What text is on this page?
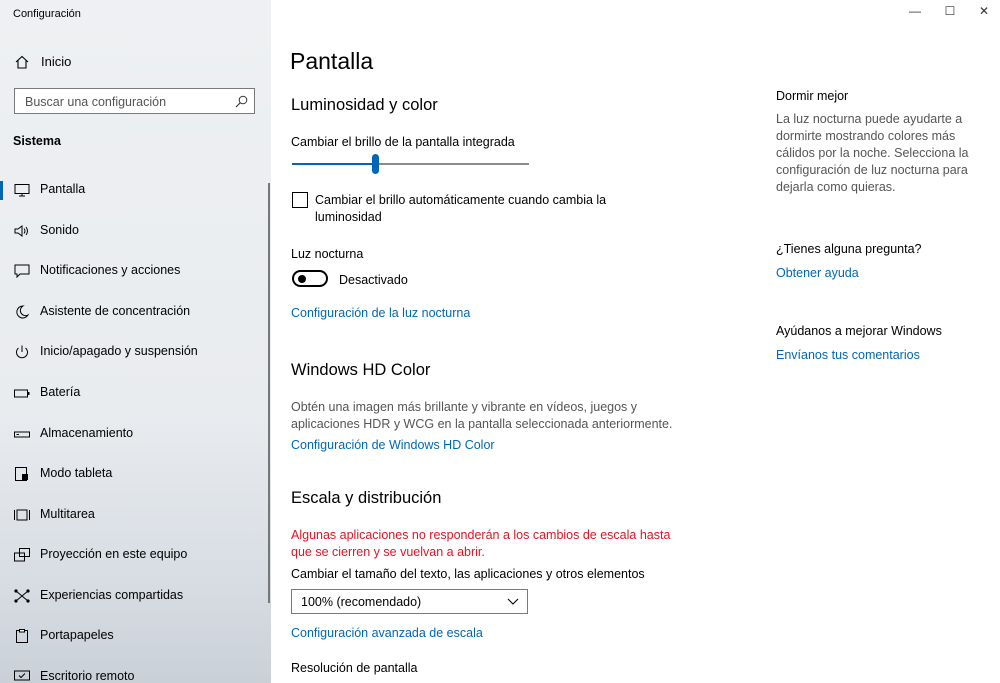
Configuración
Inicio
Buscar una configuración
Sistema
Pantalla
Sonido
Notificaciones y acciones
Asistente de concentración
Inicio/apagado y suspensión
Batería
Almacenamiento
Modo tableta
Multitarea
Proyección en este equipo
Experiencias compartidas
Portapapeles
Escritorio remoto
—	☐	✕
Pantalla
Luminosidad y color
Cambiar el brillo de la pantalla integrada
Cambiar el brillo automáticamente cuando cambia la
luminosidad
Luz nocturna
Desactivado
Configuración de la luz nocturna
Windows HD Color
Obtén una imagen más brillante y vibrante en vídeos, juegos y
aplicaciones HDR y WCG en la pantalla seleccionada anteriormente.
Configuración de Windows HD Color
Escala y distribución
Algunas aplicaciones no responderán a los cambios de escala hasta
que se cierren y se vuelvan a abrir.
Cambiar el tamaño del texto, las aplicaciones y otros elementos
100% (recomendado)
Configuración avanzada de escala
Resolución de pantalla
Dormir mejor
La luz nocturna puede ayudarte a
dormirte mostrando colores más
cálidos por la noche. Selecciona la
configuración de luz nocturna para
dejarla como quieras.
¿Tienes alguna pregunta?
Obtener ayuda
Ayúdanos a mejorar Windows
Envíanos tus comentarios
